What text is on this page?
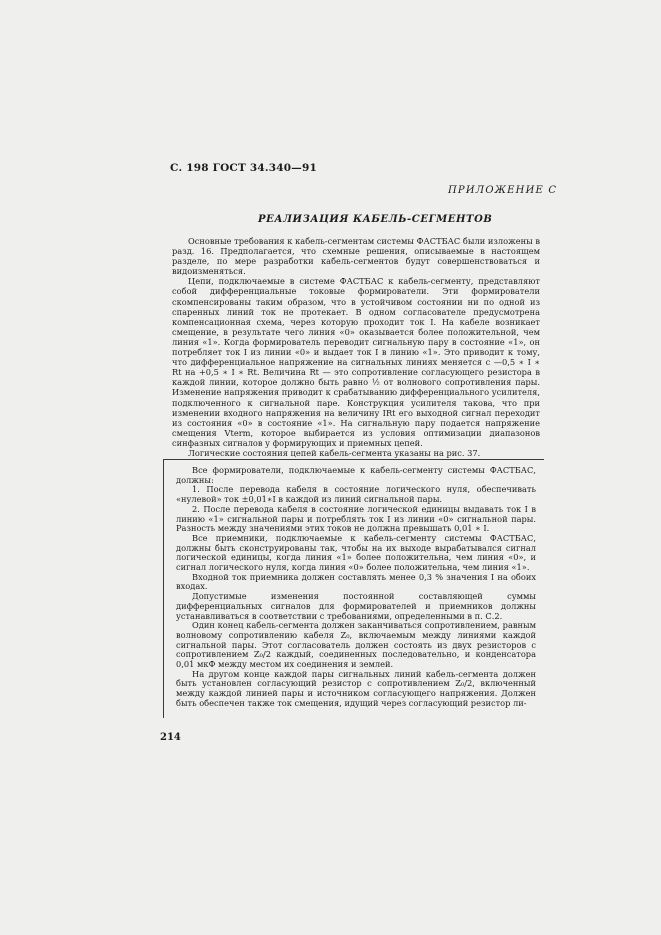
С. 198 ГОСТ 34.340—91
ПРИЛОЖЕНИЕ С
РЕАЛИЗАЦИЯ КАБЕЛЬ-СЕГМЕНТОВ

Основные требования к кабель-сегментам системы ФАСТБАС были изложены в разд. 16. Предполагается, что схемные решения, описываемые в настоящем разделе, по мере разработки кабель-сегментов будут совершенствоваться и видоизменяться.

Цепи, подключаемые в системе ФАСТБАС к кабель-сегменту, представляют собой дифференциальные токовые формирователи. Эти формирователи скомпенсированы таким образом, что в устойчивом состоянии ни по одной из спаренных линий ток не протекает. В одном согласователе предусмотрена компенсационная схема, через которую проходит ток I. На кабеле возникает смещение, в результате чего линия «0» оказывается более положительной, чем линия «1». Когда формирователь переводит сигнальную пару в состояние «1», он потребляет ток I из линии «0» и выдает ток I в линию «1». Это приводит к тому, что дифференциальное напряжение на сигнальных линиях меняется с —0,5 ∗ I ∗ Rt на +0,5 ∗ I ∗ Rt. Величина Rt — это сопротивление согласующего резистора в каждой линии, которое должно быть равно ½ от волнового сопротивления пары. Изменение напряжения приводит к срабатыванию дифференциального усилителя, подключенного к сигнальной паре. Конструкция усилителя такова, что при изменении входного напряжения на величину IRt его выходной сигнал переходит из состояния «0» в состояние «1». На сигнальную пару подается напряжение смещения Vterm, которое выбирается из условия оптимизации диапазонов синфазных сигналов у формирующих и приемных цепей.

Логические состояния цепей кабель-сегмента указаны на рис. 37.

Все формирователи, подключаемые к кабель-сегменту системы ФАСТБАС, должны:

1. После перевода кабеля в состояние логического нуля, обеспечивать «нулевой» ток ±0,01∗I в каждой из линий сигнальной пары.

2. После перевода кабеля в состояние логической единицы выдавать ток I в линию «1» сигнальной пары и потреблять ток I из линии «0» сигнальной пары. Разность между значениями этих токов не должна превышать 0,01 ∗ I.

Все приемники, подключаемые к кабель-сегменту системы ФАСТБАС, должны быть сконструированы так, чтобы на их выходе вырабатывался сигнал логической единицы, когда линия «1» более положительна, чем линия «0», и сигнал логического нуля, когда линия «0» более положительна, чем линия «1».

Входной ток приемника должен составлять менее 0,3 % значения I на обоих входах.

Допустимые изменения постоянной составляющей суммы дифференциальных сигналов для формирователей и приемников должны устанавливаться в соответствии с требованиями, определенными в п. С.2.

Один конец кабель-сегмента должен заканчиваться сопротивлением, равным волновому сопротивлению кабеля Z₀, включаемым между линиями каждой сигнальной пары. Этот согласователь должен состоять из двух резисторов с сопротивлением Z₀/2 каждый, соединенных последовательно, и конденсатора 0,01 мкФ между местом их соединения и землей.

На другом конце каждой пары сигнальных линий кабель-сегмента должен быть установлен согласующий резистор с сопротивлением Z₀/2, включенный между каждой линией пары и источником согласующего напряжения. Должен быть обеспечен также ток смещения, идущий через согласующий резистор ли-

214
